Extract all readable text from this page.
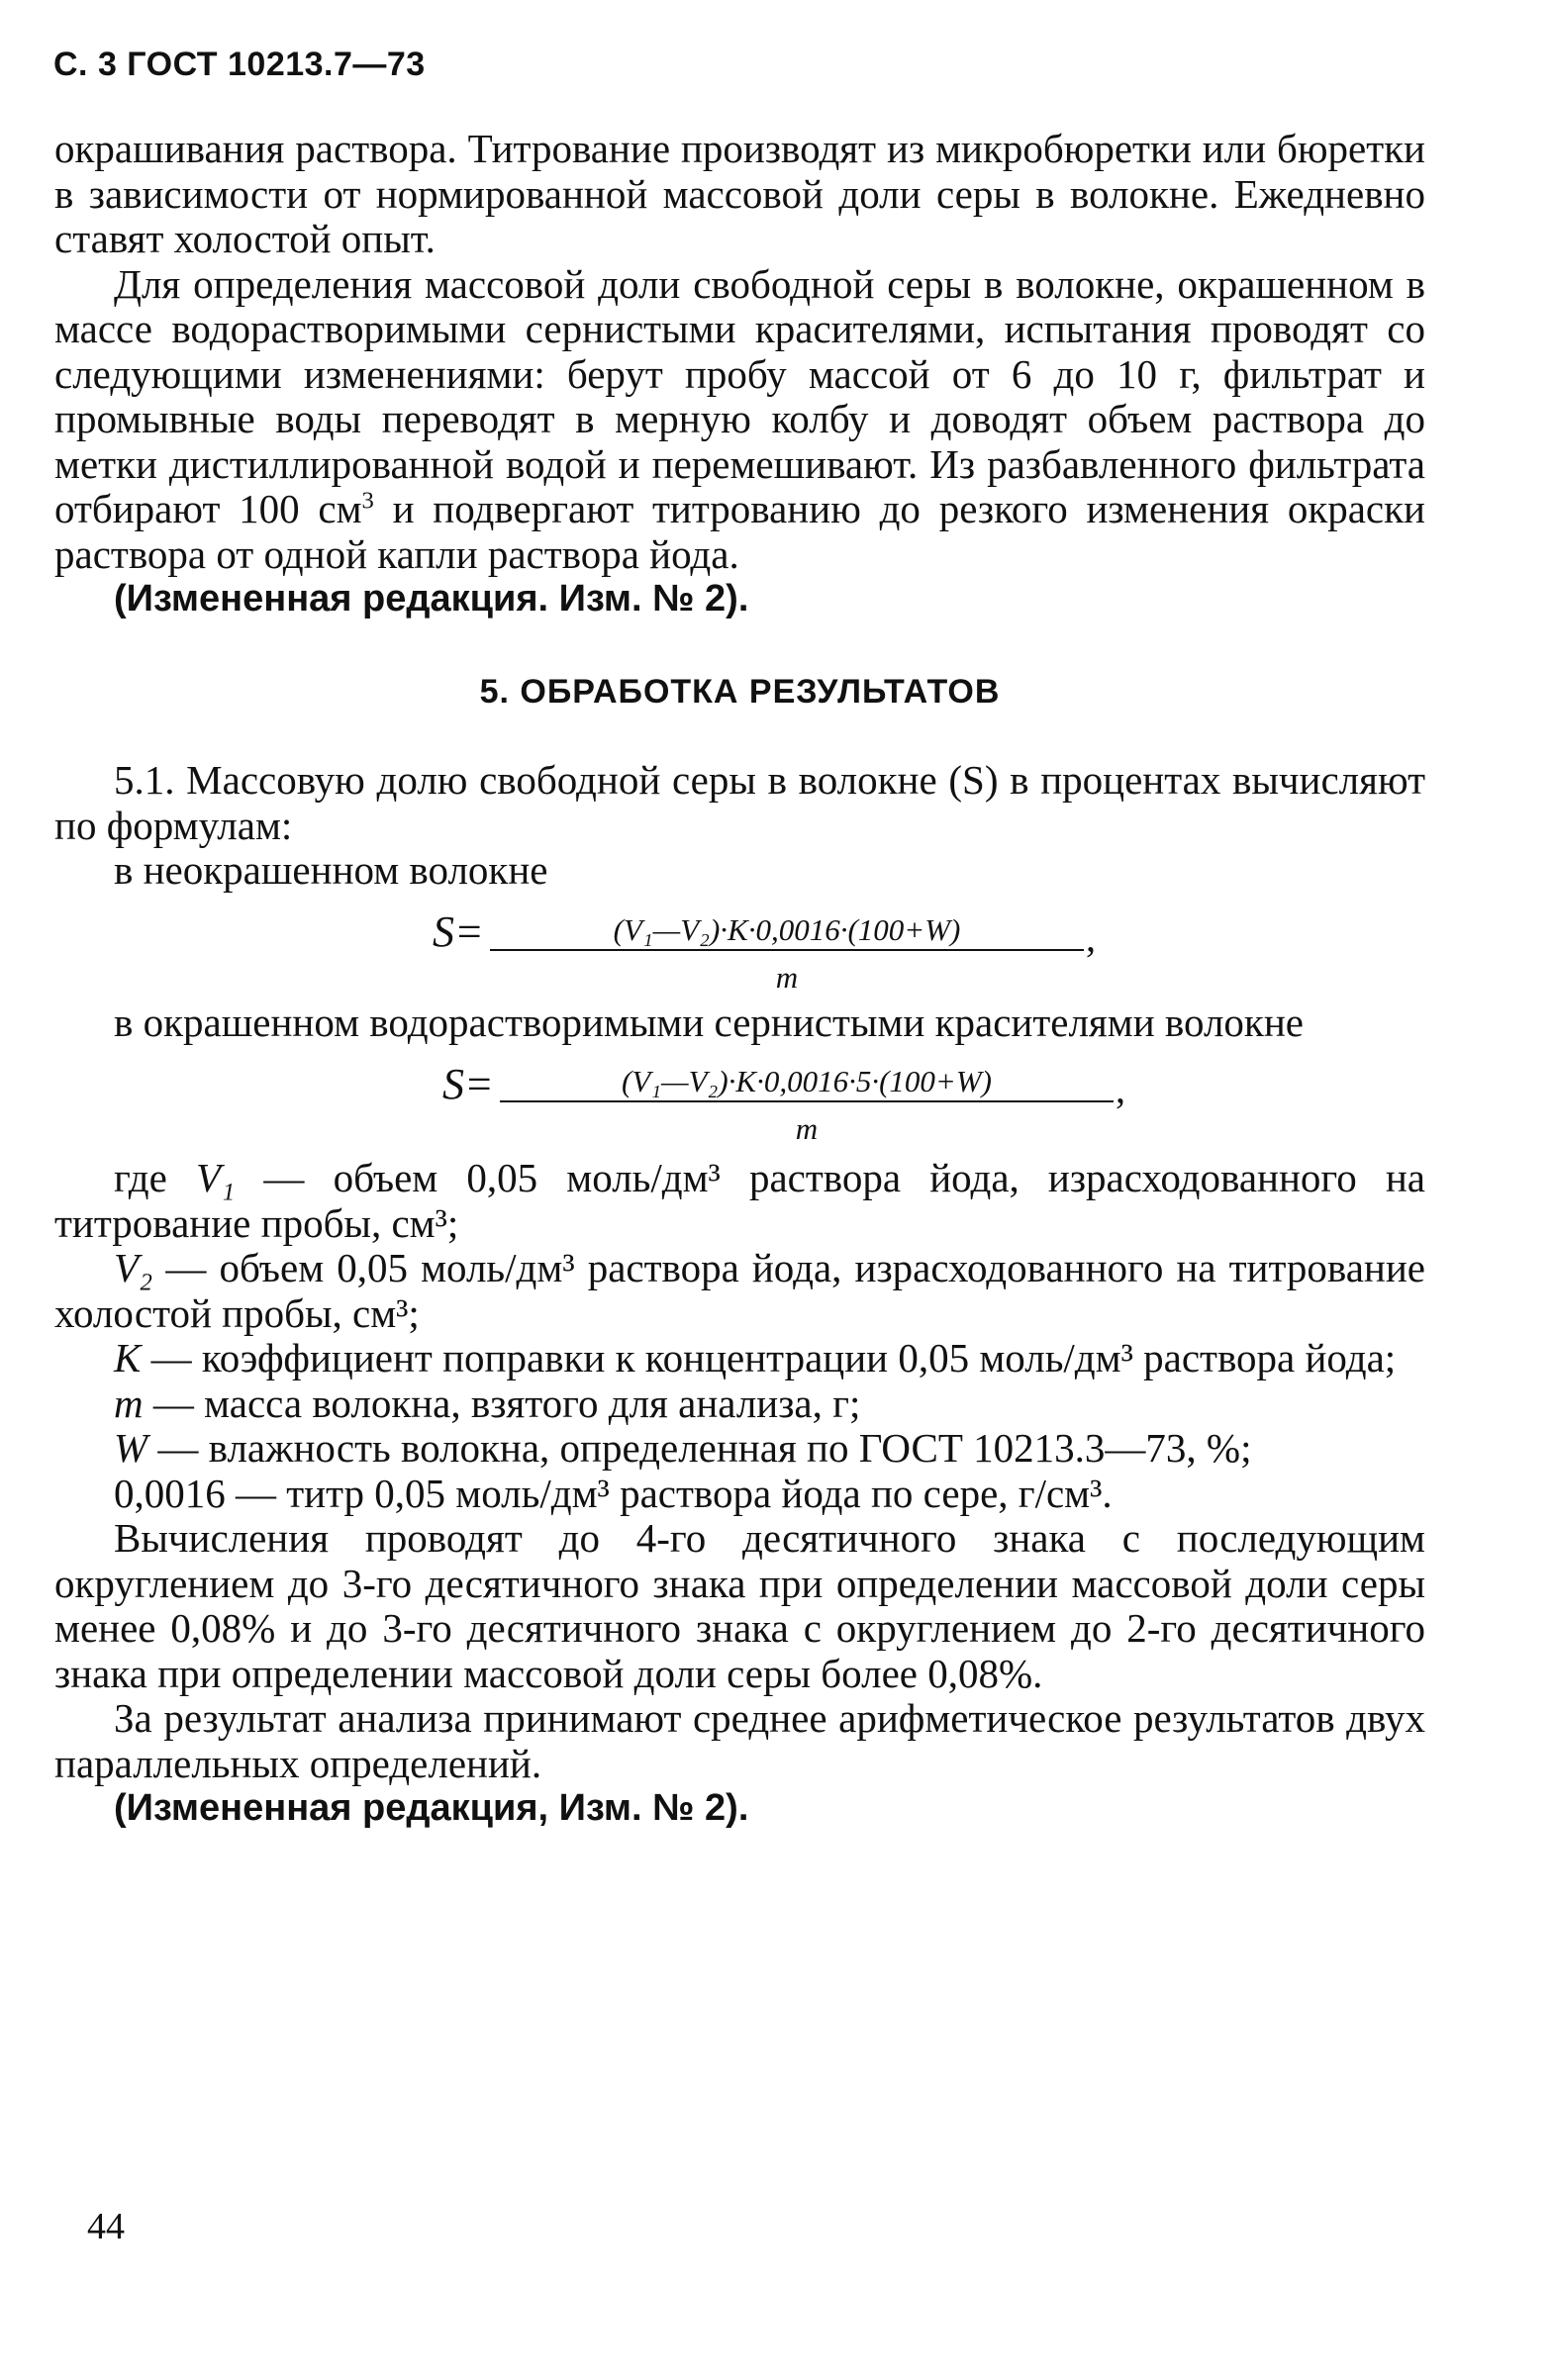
С. 3 ГОСТ 10213.7—73

окрашивания раствора. Титрование производят из микробюретки или бюретки в зависимости от нормированной массовой доли серы в волокне. Ежедневно ставят холостой опыт.

Для определения массовой доли свободной серы в волокне, окрашенном в массе водорастворимыми сернистыми красителями, испытания проводят со следующими изменениями: берут пробу массой от 6 до 10 г, фильтрат и промывные воды переводят в мерную колбу и доводят объем раствора до метки дистиллированной водой и перемешивают. Из разбавленного фильтрата отбирают 100 $см^3$ и подвергают титрованию до резкого изменения окраски раствора от одной капли раствора йода.

(Измененная редакция. Изм. № 2).

5. ОБРАБОТКА РЕЗУЛЬТАТОВ

5.1. Массовую долю свободной серы в волокне (S) в процентах вычисляют по формулам:

в неокрашенном волокне

S=	(V₁—V₂)·K·0,0016·(100+W)
m
,

в окрашенном водорастворимыми сернистыми красителями волокне

S=	(V₁—V₂)·K·0,0016·5·(100+W)
m
,

где V₁ — объем 0,05 моль/дм³ раствора йода, израсходованного на титрование пробы, см³;

V₂ — объем 0,05 моль/дм³ раствора йода, израсходованного на титрование холостой пробы, см³;

K — коэффициент поправки к концентрации 0,05 моль/дм³ раствора йода;

m — масса волокна, взятого для анализа, г;

W — влажность волокна, определенная по ГОСТ 10213.3—73, %;

0,0016 — титр 0,05 моль/дм³ раствора йода по сере, г/см³.

Вычисления проводят до 4-го десятичного знака с последующим округлением до 3-го десятичного знака при определении массовой доли серы менее 0,08% и до 3-го десятичного знака с округлением до 2-го десятичного знака при определении массовой доли серы более 0,08%.

За результат анализа принимают среднее арифметическое результатов двух параллельных определений.

(Измененная редакция, Изм. № 2).

44
